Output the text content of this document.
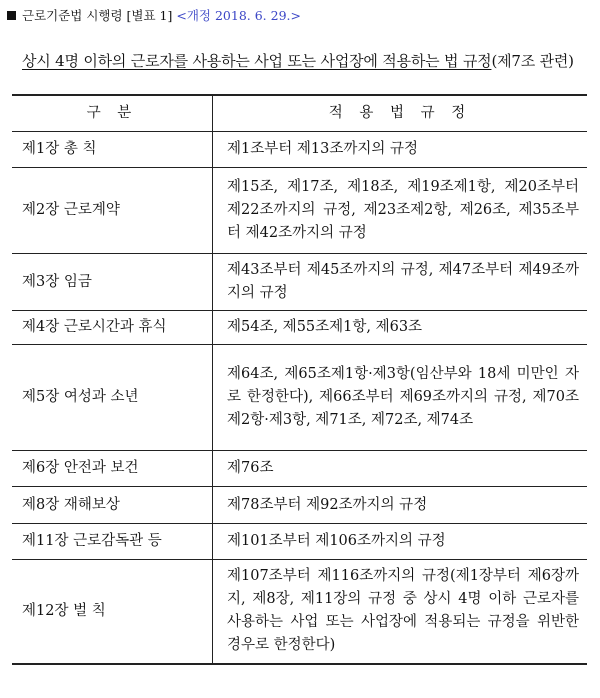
근로기준법 시행령 [별표 1] <개정 2018. 6. 29.>
상시 4명 이하의 근로자를 사용하는 사업 또는 사업장에 적용하는 법 규정(제7조 관련)
구 분	적 용 법 규 정
제1장 총 칙	제1조부터 제13조까지의 규정
제2장 근로계약	제15조, 제17조, 제18조, 제19조제1항, 제20조부터 제22조까지의 규정, 제23조제2항, 제26조, 제35조부터 제42조까지의 규정
제3장 임금	제43조부터 제45조까지의 규정, 제47조부터 제49조까지의 규정
제4장 근로시간과 휴식	제54조, 제55조제1항, 제63조
제5장 여성과 소년	제64조, 제65조제1항·제3항(임산부와 18세 미만인 자로 한정한다), 제66조부터 제69조까지의 규정, 제70조제2항·제3항, 제71조, 제72조, 제74조
제6장 안전과 보건	제76조
제8장 재해보상	제78조부터 제92조까지의 규정
제11장 근로감독관 등	제101조부터 제106조까지의 규정
제12장 벌 칙	제107조부터 제116조까지의 규정(제1장부터 제6장까지, 제8장, 제11장의 규정 중 상시 4명 이하 근로자를 사용하는 사업 또는 사업장에 적용되는 규정을 위반한 경우로 한정한다)
